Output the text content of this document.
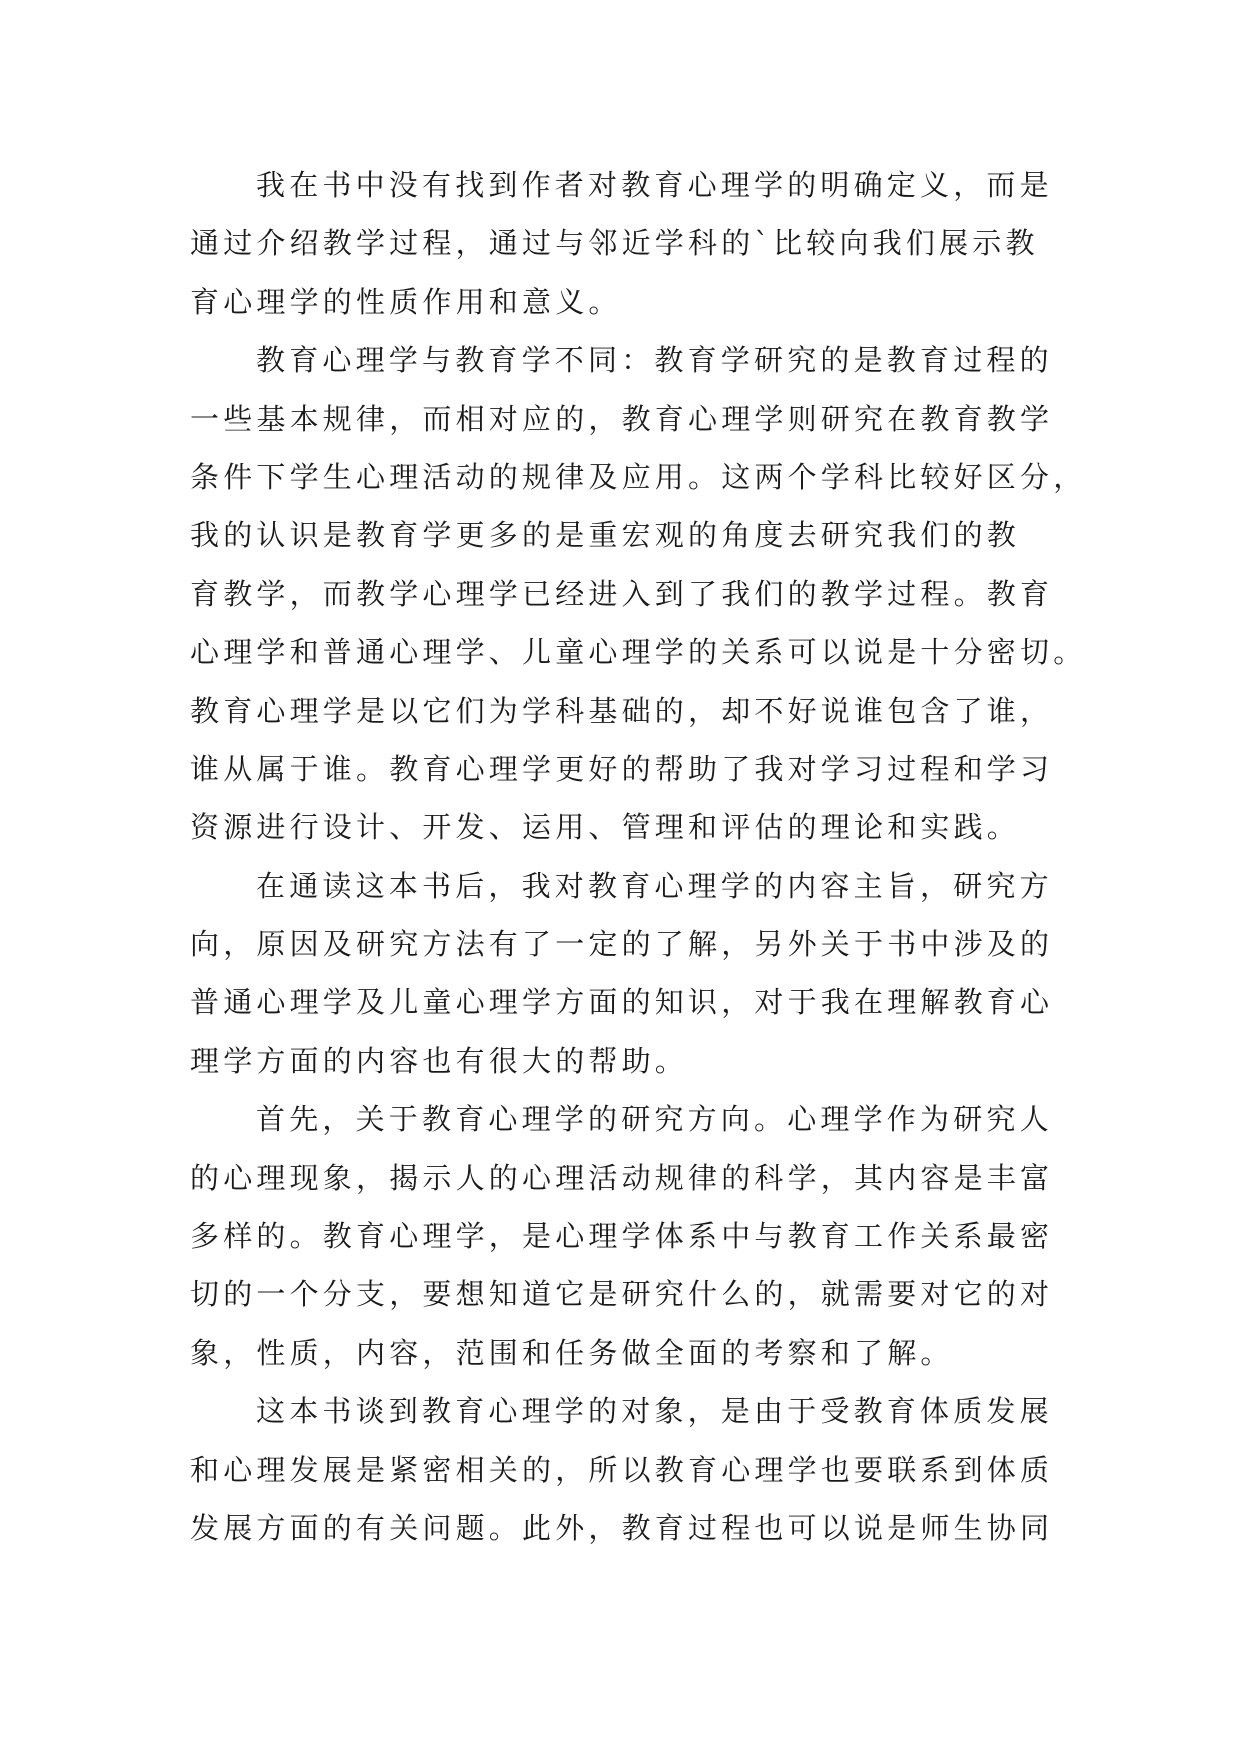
我在书中没有找到作者对教育心理学的明确定义，而是
通过介绍教学过程，通过与邻近学科的`比较向我们展示教
育心理学的性质作用和意义。
教育心理学与教育学不同：教育学研究的是教育过程的
一些基本规律，而相对应的，教育心理学则研究在教育教学
条件下学生心理活动的规律及应用。这两个学科比较好区分，
我的认识是教育学更多的是重宏观的角度去研究我们的教
育教学，而教学心理学已经进入到了我们的教学过程。教育
心理学和普通心理学、儿童心理学的关系可以说是十分密切。
教育心理学是以它们为学科基础的，却不好说谁包含了谁，
谁从属于谁。教育心理学更好的帮助了我对学习过程和学习
资源进行设计、开发、运用、管理和评估的理论和实践。
在通读这本书后，我对教育心理学的内容主旨，研究方
向，原因及研究方法有了一定的了解，另外关于书中涉及的
普通心理学及儿童心理学方面的知识，对于我在理解教育心
理学方面的内容也有很大的帮助。
首先，关于教育心理学的研究方向。心理学作为研究人
的心理现象，揭示人的心理活动规律的科学，其内容是丰富
多样的。教育心理学，是心理学体系中与教育工作关系最密
切的一个分支，要想知道它是研究什么的，就需要对它的对
象，性质，内容，范围和任务做全面的考察和了解。
这本书谈到教育心理学的对象，是由于受教育体质发展
和心理发展是紧密相关的，所以教育心理学也要联系到体质
发展方面的有关问题。此外，教育过程也可以说是师生协同
